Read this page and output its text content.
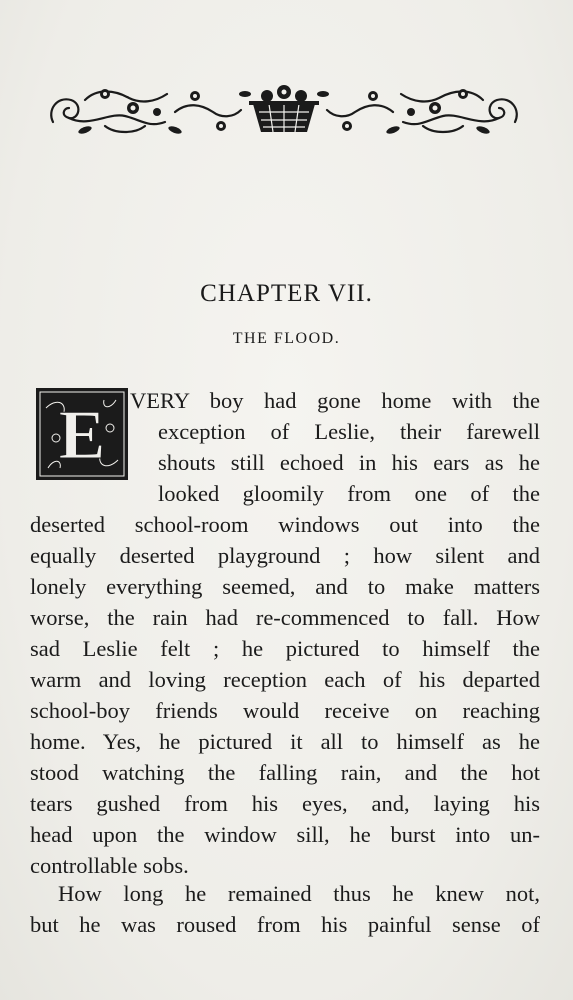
CHAPTER VII.
THE FLOOD.
E VERY boy had gone home with the
exception of Leslie, their farewell
shouts still echoed in his ears as he
looked gloomily from one of the
deserted school-room windows out into the
equally deserted playground ; how silent and
lonely everything seemed, and to make matters
worse, the rain had re-commenced to fall. How
sad Leslie felt ; he pictured to himself the
warm and loving reception each of his departed
school-boy friends would receive on reaching
home. Yes, he pictured it all to himself as he
stood watching the falling rain, and the hot
tears gushed from his eyes, and, laying his
head upon the window sill, he burst into un-
controllable sobs.
How long he remained thus he knew not,
but he was roused from his painful sense of
